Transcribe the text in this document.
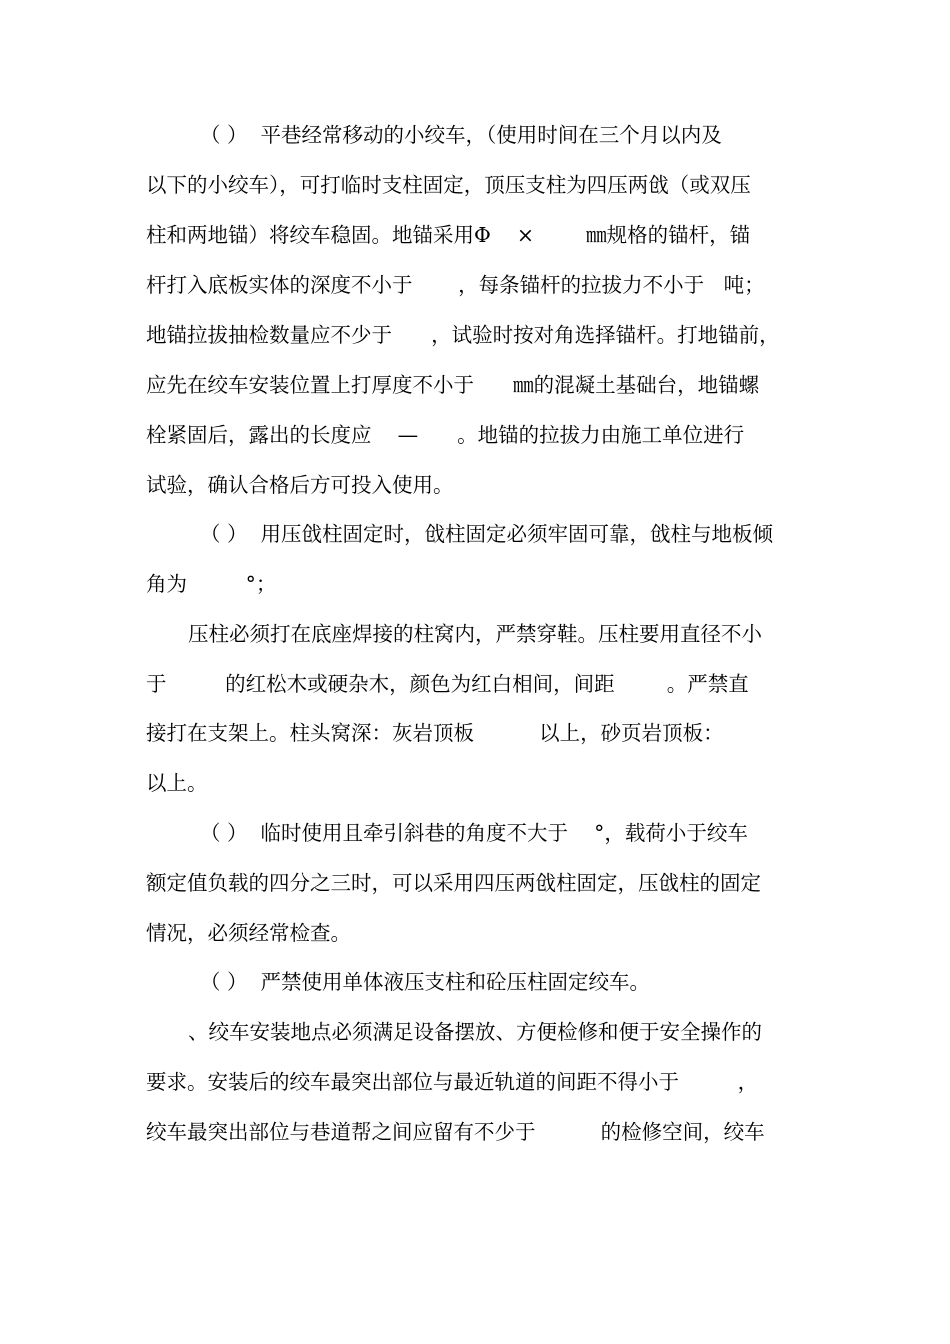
（ ）  平巷经常移动的小绞车，（使用时间在三个月以内及
以下的小绞车），可打临时支柱固定，顶压支柱为四压两戗（或双压
柱和两地锚）将绞车稳固。地锚采用Φ    ×        ㎜规格的锚杆，锚
杆打入底板实体的深度不小于       ，每条锚杆的拉拔力不小于   吨；
地锚拉拔抽检数量应不少于      ，试验时按对角选择锚杆。打地锚前，
应先在绞车安装位置上打厚度不小于      ㎜的混凝土基础台，地锚螺
栓紧固后，露出的长度应    —      。地锚的拉拔力由施工单位进行
试验，确认合格后方可投入使用。
（ ）  用压戗柱固定时，戗柱固定必须牢固可靠，戗柱与地板倾
角为         °；
压柱必须打在底座焊接的柱窝内，严禁穿鞋。压柱要用直径不小
于         的红松木或硬杂木，颜色为红白相间，间距        。严禁直
接打在支架上。柱头窝深：灰岩顶板          以上，砂页岩顶板：
以上。
（ ）  临时使用且牵引斜巷的角度不大于    °，载荷小于绞车
额定值负载的四分之三时，可以采用四压两戗柱固定，压戗柱的固定
情况，必须经常检查。
（ ）  严禁使用单体液压支柱和砼压柱固定绞车。
、绞车安装地点必须满足设备摆放、方便检修和便于安全操作的
要求。安装后的绞车最突出部位与最近轨道的间距不得小于         ，
绞车最突出部位与巷道帮之间应留有不少于          的检修空间，绞车
